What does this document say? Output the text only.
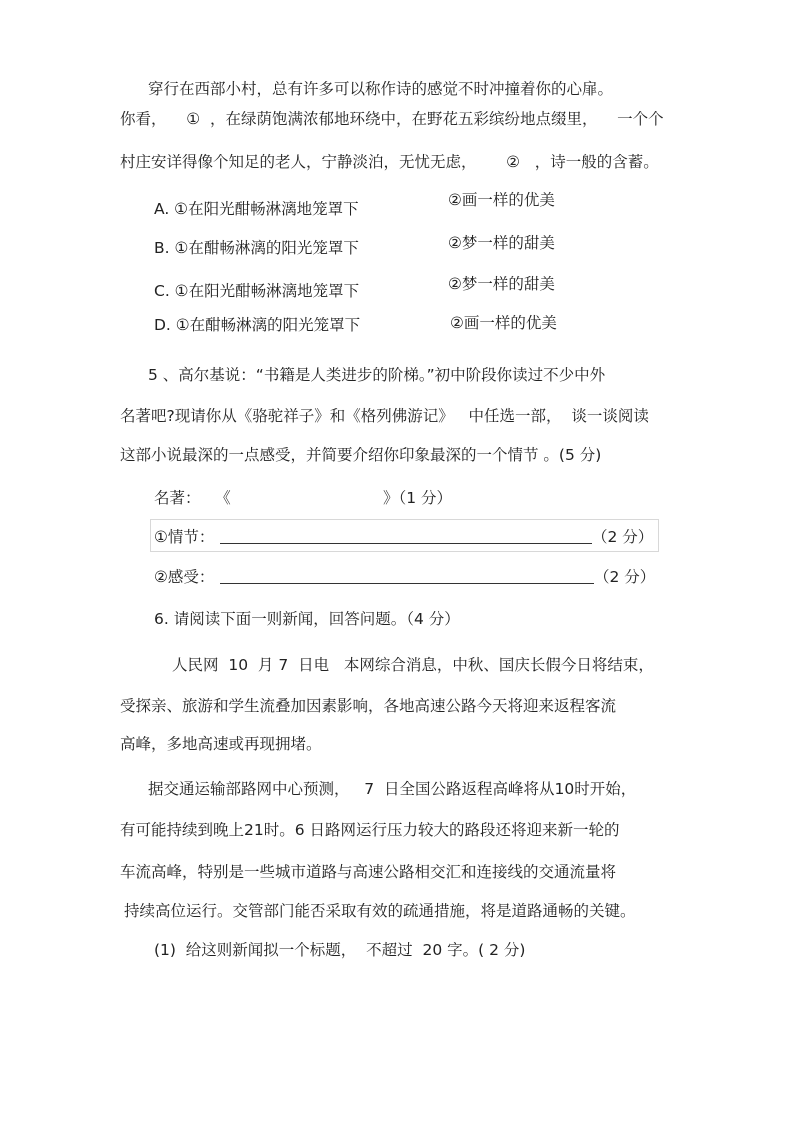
穿行在西部小村，总有许多可以称作诗的感觉不时冲撞着你的心扉。
你看，    ①  ，在绿荫饱满浓郁地环绕中，在野花五彩缤纷地点缀里，    一个个
村庄安详得像个知足的老人，宁静淡泊，无忧无虑，      ②   ，诗一般的含蓄。
A. ①在阳光酣畅淋漓地笼罩下	②画一样的优美
B. ①在酣畅淋漓的阳光笼罩下	②梦一样的甜美
C. ①在阳光酣畅淋漓地笼罩下	②梦一样的甜美
D. ①在酣畅淋漓的阳光笼罩下	②画一样的优美
5 、高尔基说：“书籍是人类进步的阶梯。”初中阶段你读过不少中外
名著吧?现请你从《骆驼祥子》和《格列佛游记》   中任选一部，  谈一谈阅读
这部小说最深的一点感受，并简要介绍你印象最深的一个情节 。(5 分)
名著：   《	》（1 分）
①情节：	（2 分）
②感受：	（2 分）
6. 请阅读下面一则新闻，回答问题。（4 分）
人民网  10  月 7  日电   本网综合消息，中秋、国庆长假今日将结束，
受探亲、旅游和学生流叠加因素影响，各地高速公路今天将迎来返程客流
高峰，多地高速或再现拥堵。
据交通运输部路网中心预测，   7  日全国公路返程高峰将从10时开始，
有可能持续到晚上21时。6 日路网运行压力较大的路段还将迎来新一轮的
车流高峰，特别是一些城市道路与高速公路相交汇和连接线的交通流量将
持续高位运行。交管部门能否采取有效的疏通措施，将是道路通畅的关键。
(1)  给这则新闻拟一个标题，  不超过  20 字。( 2 分)
